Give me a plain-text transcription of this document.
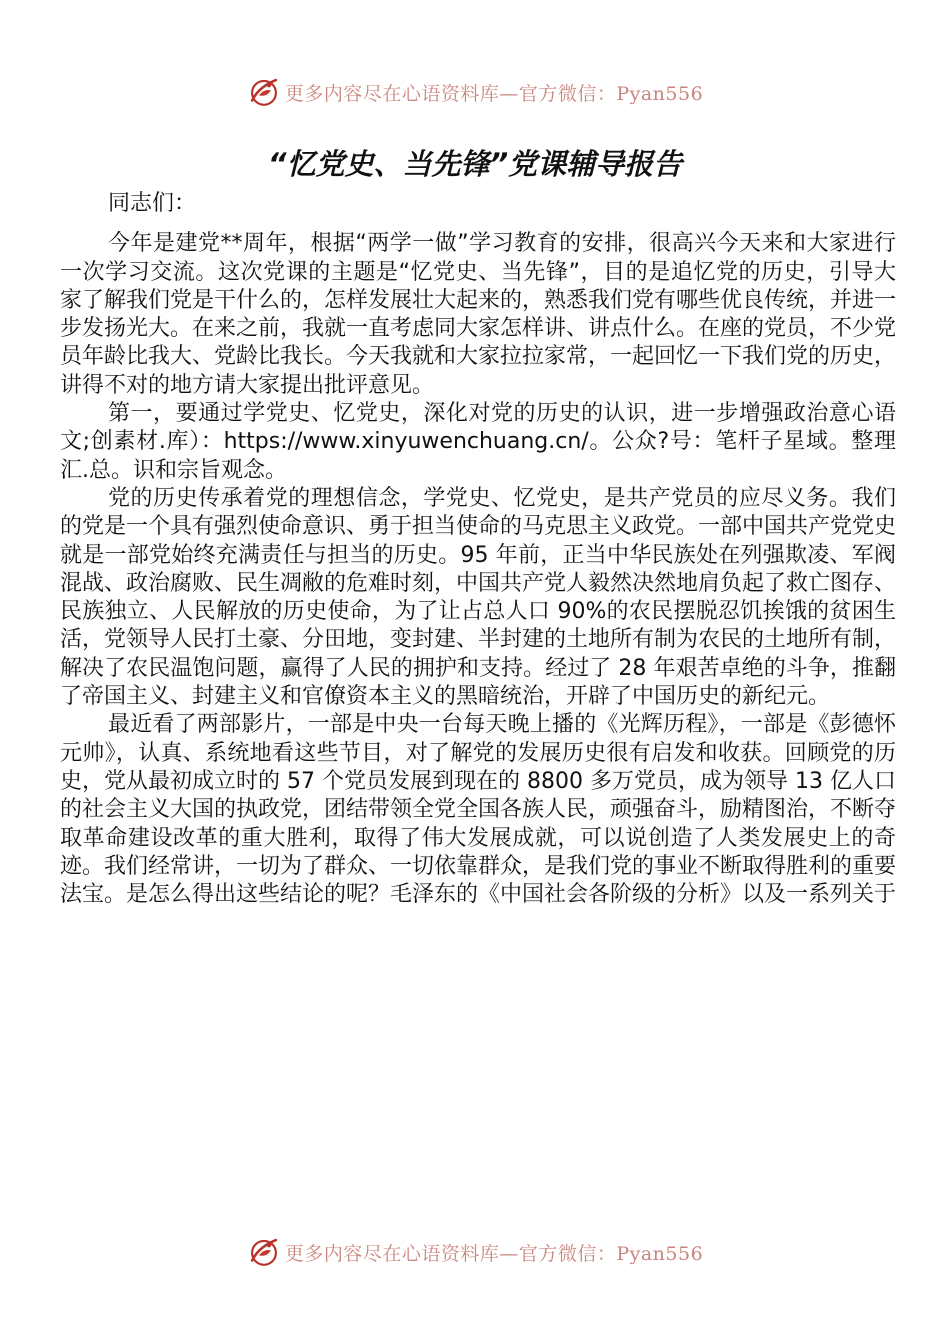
更多内容尽在心语资料库—官方微信：Pyan556
“忆党史、当先锋”党课辅导报告

同志们：

今年是建党**周年，根据“两学一做”学习教育的安排，很高兴今天来和大家进行一次学习交流。这次党课的主题是“忆党史、当先锋”，目的是追忆党的历史，引导大家了解我们党是干什么的，怎样发展壮大起来的，熟悉我们党有哪些优良传统，并进一步发扬光大。在来之前，我就一直考虑同大家怎样讲、讲点什么。在座的党员，不少党员年龄比我大、党龄比我长。今天我就和大家拉拉家常，一起回忆一下我们党的历史，讲得不对的地方请大家提出批评意见。

第一，要通过学党史、忆党史，深化对党的历史的认识，进一步增强政治意心语文;创素材.库）：https://www.xinyuwenchuang.cn/。公众?号：笔杆子星域。整理汇.总。识和宗旨观念。

党的历史传承着党的理想信念，学党史、忆党史，是共产党员的应尽义务。我们的党是一个具有强烈使命意识、勇于担当使命的马克思主义政党。一部中国共产党党史就是一部党始终充满责任与担当的历史。95 年前，正当中华民族处在列强欺凌、军阀混战、政治腐败、民生凋敝的危难时刻，中国共产党人毅然决然地肩负起了救亡图存、民族独立、人民解放的历史使命，为了让占总人口 90%的农民摆脱忍饥挨饿的贫困生活，党领导人民打土豪、分田地，变封建、半封建的土地所有制为农民的土地所有制，解决了农民温饱问题，赢得了人民的拥护和支持。经过了 28 年艰苦卓绝的斗争，推翻了帝国主义、封建主义和官僚资本主义的黑暗统治，开辟了中国历史的新纪元。

最近看了两部影片，一部是中央一台每天晚上播的《光辉历程》，一部是《彭德怀元帅》，认真、系统地看这些节目，对了解党的发展历史很有启发和收获。回顾党的历史，党从最初成立时的 57 个党员发展到现在的 8800 多万党员，成为领导 13 亿人口的社会主义大国的执政党，团结带领全党全国各族人民，顽强奋斗，励精图治，不断夺取革命建设改革的重大胜利，取得了伟大发展成就，可以说创造了人类发展史上的奇迹。我们经常讲，一切为了群众、一切依靠群众，是我们党的事业不断取得胜利的重要法宝。是怎么得出这些结论的呢？毛泽东的《中国社会各阶级的分析》以及一系列关于

更多内容尽在心语资料库—官方微信：Pyan556
